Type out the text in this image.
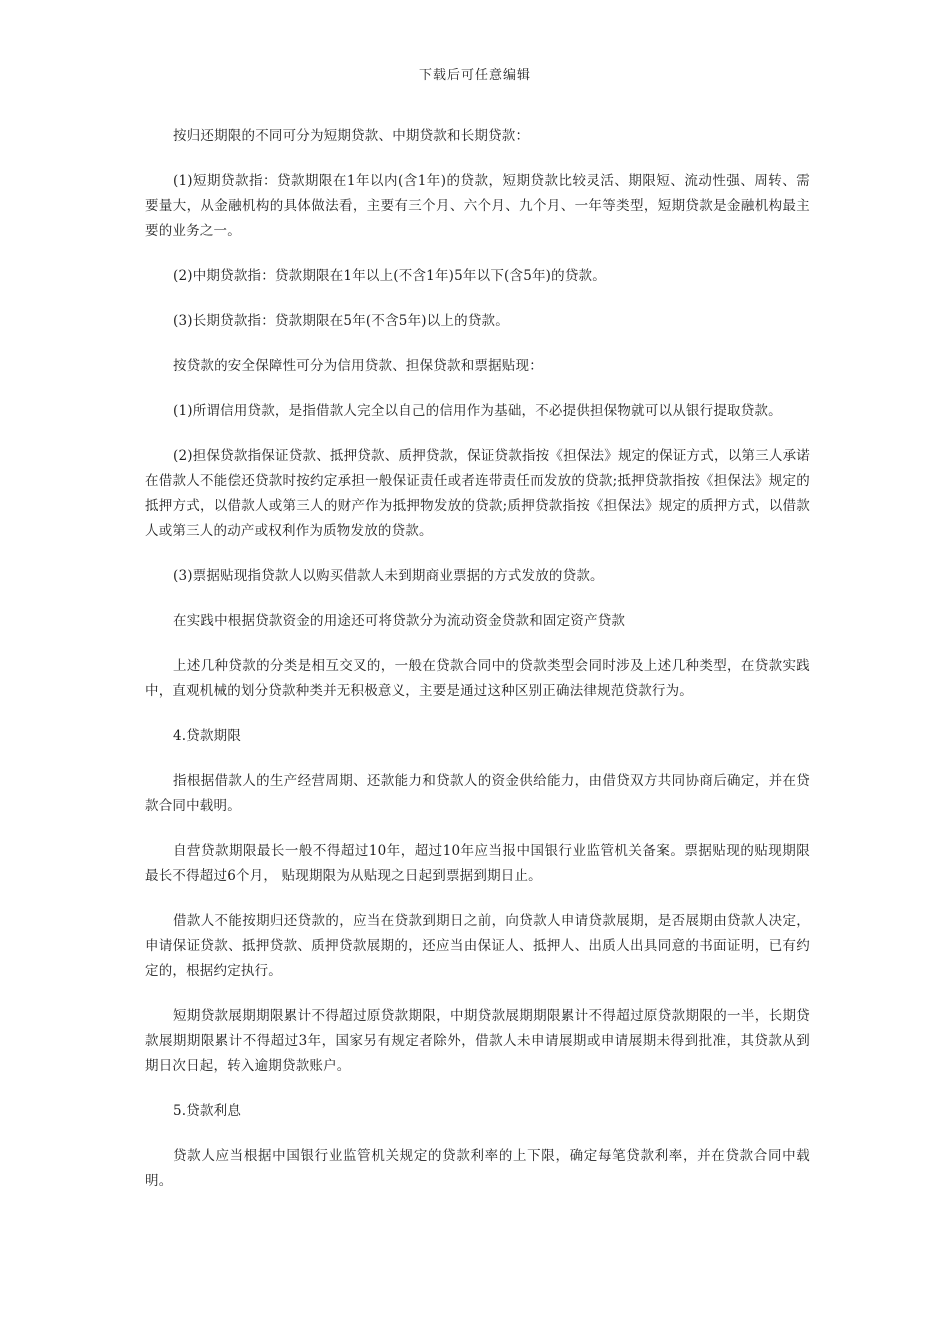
下载后可任意编辑

按归还期限的不同可分为短期贷款、中期贷款和长期贷款：

(1)短期贷款指：贷款期限在1年以内(含1年)的贷款，短期贷款比较灵活、期限短、流动性强、周转、需要量大，从金融机构的具体做法看，主要有三个月、六个月、九个月、一年等类型，短期贷款是金融机构最主要的业务之一。

(2)中期贷款指：贷款期限在1年以上(不含1年)5年以下(含5年)的贷款。

(3)长期贷款指：贷款期限在5年(不含5年)以上的贷款。

按贷款的安全保障性可分为信用贷款、担保贷款和票据贴现：

(1)所谓信用贷款，是指借款人完全以自己的信用作为基础，不必提供担保物就可以从银行提取贷款。

(2)担保贷款指保证贷款、抵押贷款、质押贷款，保证贷款指按《担保法》规定的保证方式，以第三人承诺在借款人不能偿还贷款时按约定承担一般保证责任或者连带责任而发放的贷款;抵押贷款指按《担保法》规定的抵押方式，以借款人或第三人的财产作为抵押物发放的贷款;质押贷款指按《担保法》规定的质押方式，以借款人或第三人的动产或权利作为质物发放的贷款。

(3)票据贴现指贷款人以购买借款人未到期商业票据的方式发放的贷款。

在实践中根据贷款资金的用途还可将贷款分为流动资金贷款和固定资产贷款

上述几种贷款的分类是相互交叉的，一般在贷款合同中的贷款类型会同时涉及上述几种类型，在贷款实践中，直观机械的划分贷款种类并无积极意义，主要是通过这种区别正确法律规范贷款行为。

4.贷款期限

指根据借款人的生产经营周期、还款能力和贷款人的资金供给能力，由借贷双方共同协商后确定，并在贷款合同中载明。

自营贷款期限最长一般不得超过10年，超过10年应当报中国银行业监管机关备案。票据贴现的贴现期限最长不得超过6个月， 贴现期限为从贴现之日起到票据到期日止。

借款人不能按期归还贷款的，应当在贷款到期日之前，向贷款人申请贷款展期，是否展期由贷款人决定，申请保证贷款、抵押贷款、质押贷款展期的，还应当由保证人、抵押人、出质人出具同意的书面证明，已有约定的，根据约定执行。

短期贷款展期期限累计不得超过原贷款期限，中期贷款展期期限累计不得超过原贷款期限的一半，长期贷款展期期限累计不得超过3年，国家另有规定者除外，借款人未申请展期或申请展期未得到批准，其贷款从到期日次日起，转入逾期贷款账户。

5.贷款利息

贷款人应当根据中国银行业监管机关规定的贷款利率的上下限，确定每笔贷款利率，并在贷款合同中载明。
